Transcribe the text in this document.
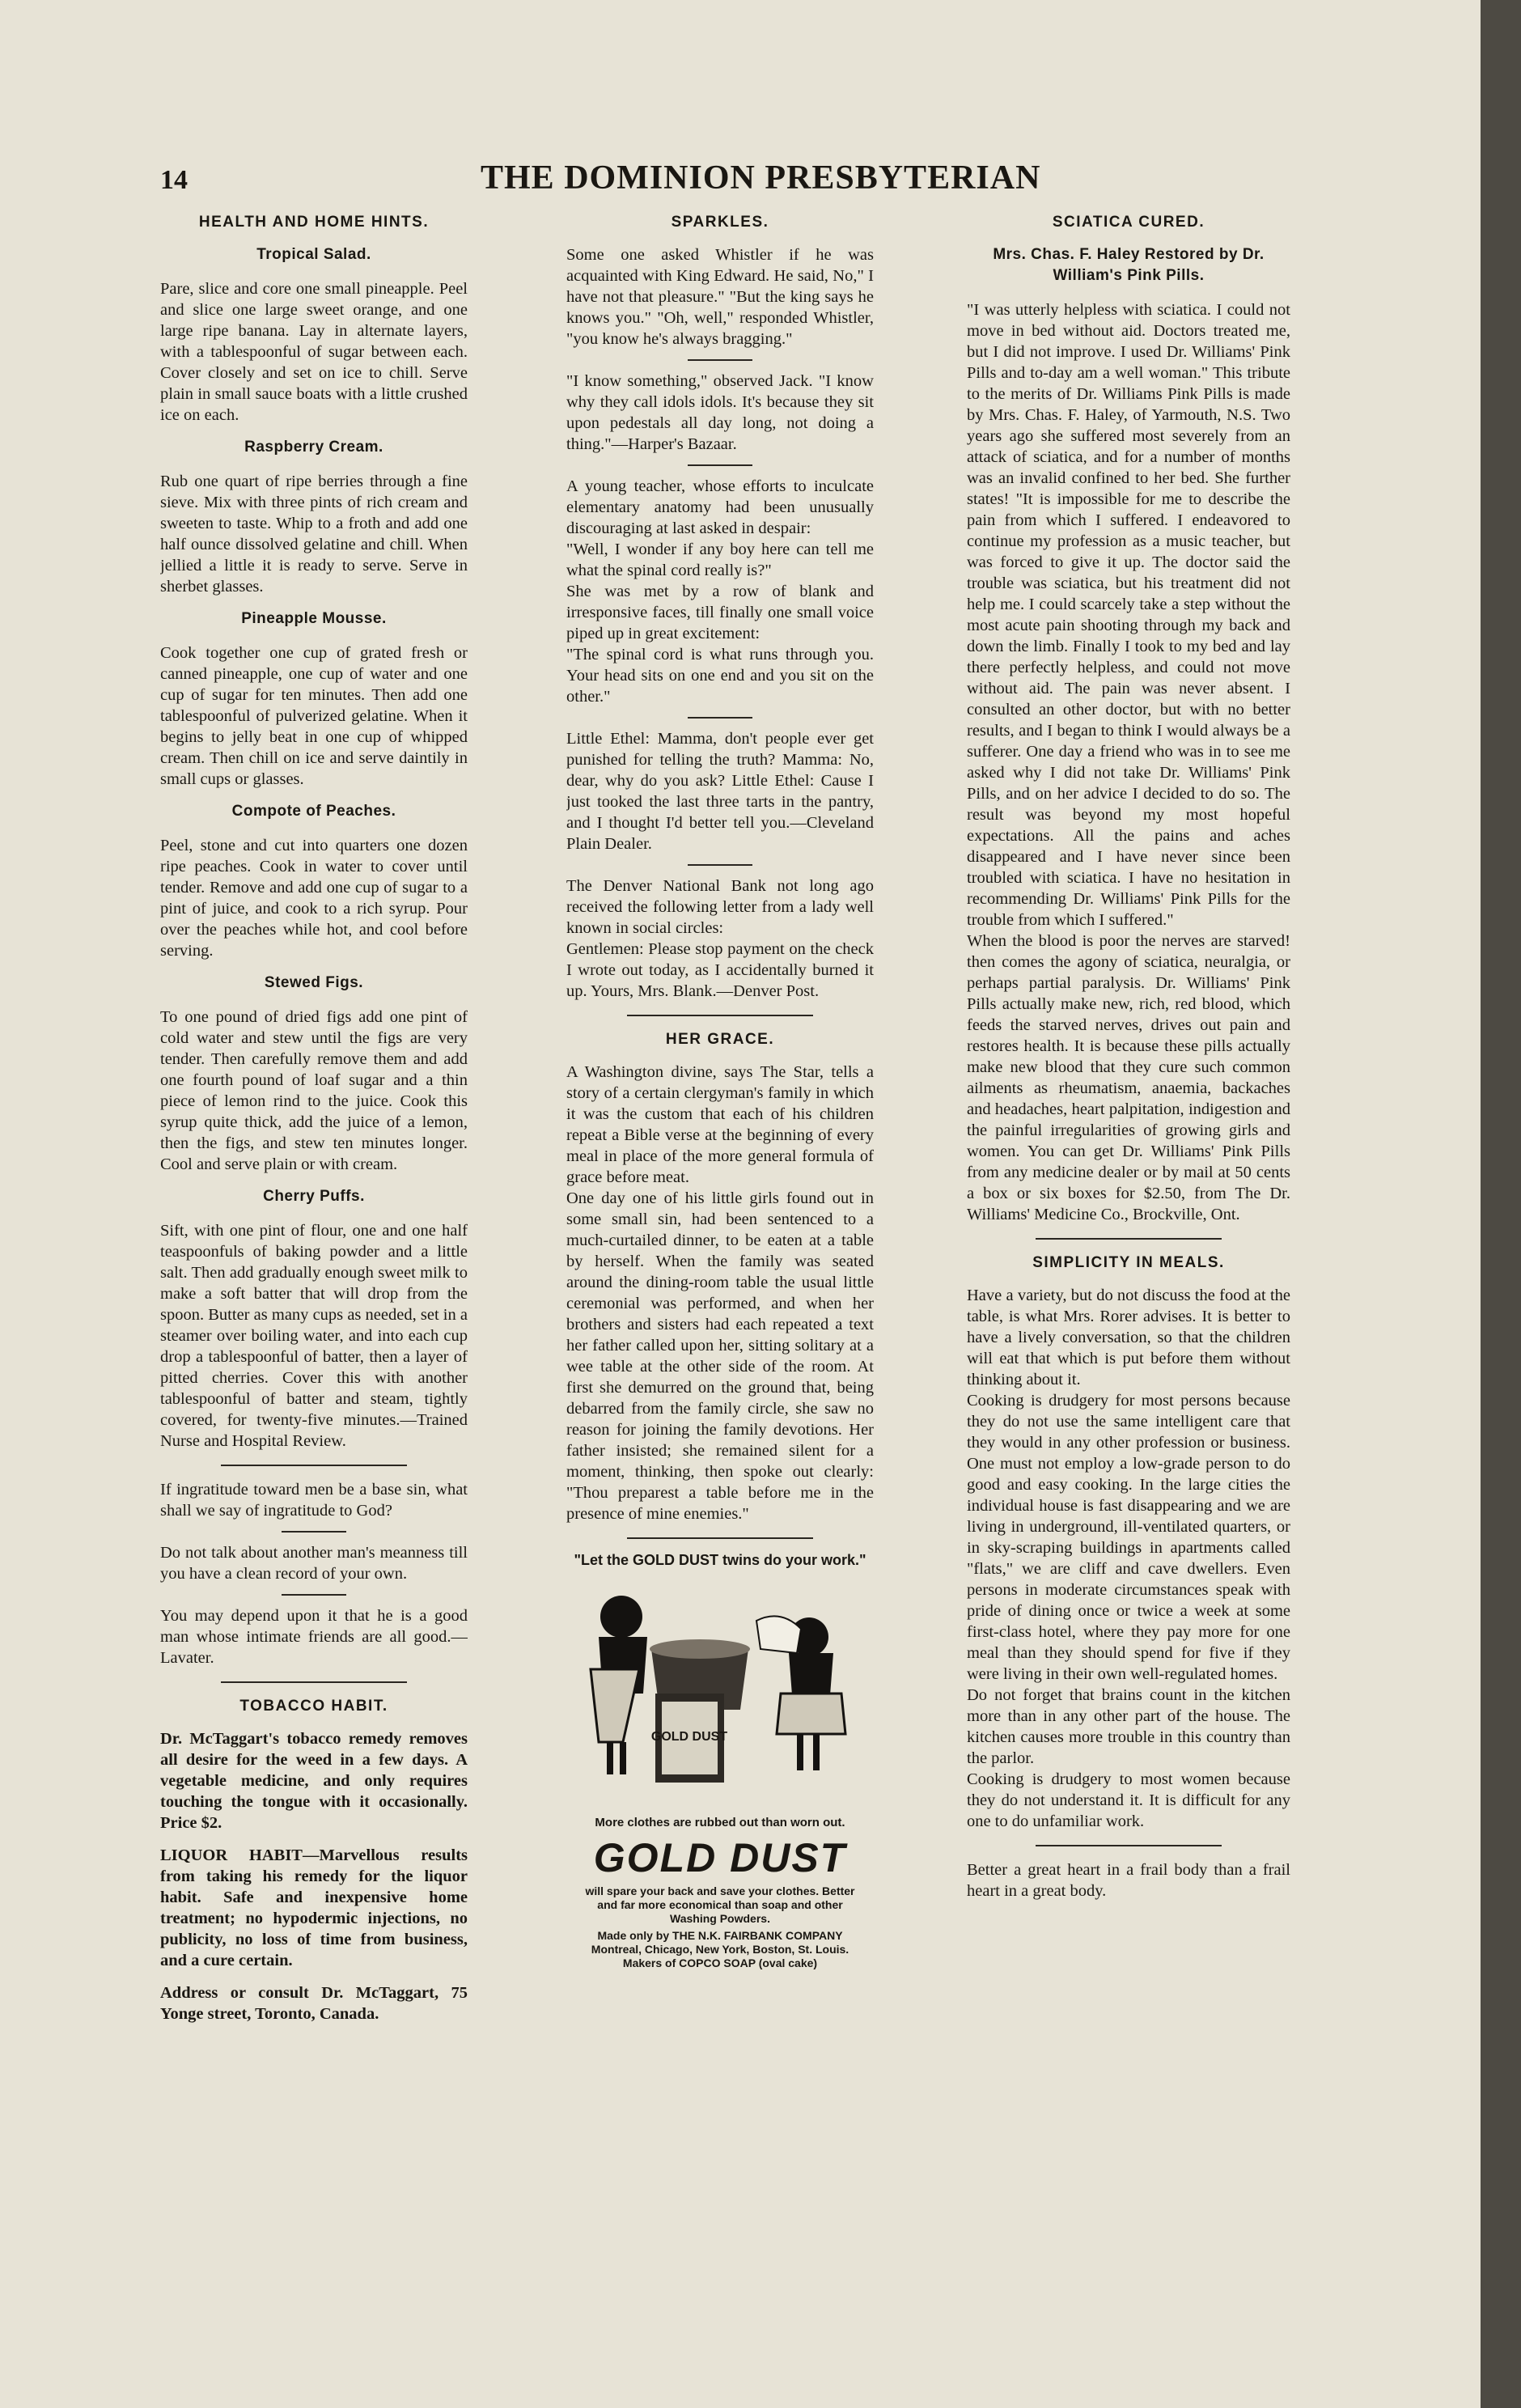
14	THE DOMINION PRESBYTERIAN
HEALTH AND HOME HINTS.
Tropical Salad.

Pare, slice and core one small pineapple. Peel and slice one large sweet orange, and one large ripe banana. Lay in alternate layers, with a tablespoonful of sugar between each. Cover closely and set on ice to chill. Serve plain in small sauce boats with a little crushed ice on each.

Raspberry Cream.

Rub one quart of ripe berries through a fine sieve. Mix with three pints of rich cream and sweeten to taste. Whip to a froth and add one half ounce dissolved gelatine and chill. When jellied a little it is ready to serve. Serve in sherbet glasses.

Pineapple Mousse.

Cook together one cup of grated fresh or canned pineapple, one cup of water and one cup of sugar for ten minutes. Then add one tablespoonful of pulverized gelatine. When it begins to jelly beat in one cup of whipped cream. Then chill on ice and serve daintily in small cups or glasses.

Compote of Peaches.

Peel, stone and cut into quarters one dozen ripe peaches. Cook in water to cover until tender. Remove and add one cup of sugar to a pint of juice, and cook to a rich syrup. Pour over the peaches while hot, and cool before serving.

Stewed Figs.

To one pound of dried figs add one pint of cold water and stew until the figs are very tender. Then carefully remove them and add one fourth pound of loaf sugar and a thin piece of lemon rind to the juice. Cook this syrup quite thick, add the juice of a lemon, then the figs, and stew ten minutes longer. Cool and serve plain or with cream.

Cherry Puffs.

Sift, with one pint of flour, one and one half teaspoonfuls of baking powder and a little salt. Then add gradually enough sweet milk to make a soft batter that will drop from the spoon. Butter as many cups as needed, set in a steamer over boiling water, and into each cup drop a tablespoonful of batter, then a layer of pitted cherries. Cover this with another tablespoonful of batter and steam, tightly covered, for twenty-five minutes.—Trained Nurse and Hospital Review.

If ingratitude toward men be a base sin, what shall we say of ingratitude to God?

Do not talk about another man's meanness till you have a clean record of your own.

You may depend upon it that he is a good man whose intimate friends are all good.—Lavater.

TOBACCO HABIT.

Dr. McTaggart's tobacco remedy removes all desire for the weed in a few days. A vegetable medicine, and only requires touching the tongue with it occasionally. Price $2.

LIQUOR HABIT—Marvellous results from taking his remedy for the liquor habit. Safe and inexpensive home treatment; no hypodermic injections, no publicity, no loss of time from business, and a cure certain.

Address or consult Dr. McTaggart, 75 Yonge street, Toronto, Canada.

SPARKLES.

Some one asked Whistler if he was acquainted with King Edward. He said, No," I have not that pleasure." "But the king says he knows you." "Oh, well," responded Whistler, "you know he's always bragging."

"I know something," observed Jack. "I know why they call idols idols. It's because they sit upon pedestals all day long, not doing a thing."—Harper's Bazaar.

A young teacher, whose efforts to inculcate elementary anatomy had been unusually discouraging at last asked in despair:
"Well, I wonder if any boy here can tell me what the spinal cord really is?"
She was met by a row of blank and irresponsive faces, till finally one small voice piped up in great excitement:
"The spinal cord is what runs through you. Your head sits on one end and you sit on the other."

Little Ethel: Mamma, don't people ever get punished for telling the truth? Mamma: No, dear, why do you ask? Little Ethel: Cause I just tooked the last three tarts in the pantry, and I thought I'd better tell you.—Cleveland Plain Dealer.

The Denver National Bank not long ago received the following letter from a lady well known in social circles:
Gentlemen: Please stop payment on the check I wrote out today, as I accidentally burned it up. Yours, Mrs. Blank.—Denver Post.

HER GRACE.

A Washington divine, says The Star, tells a story of a certain clergyman's family in which it was the custom that each of his children repeat a Bible verse at the beginning of every meal in place of the more general formula of grace before meat.
One day one of his little girls found out in some small sin, had been sentenced to a much-curtailed dinner, to be eaten at a table by herself. When the family was seated around the dining-room table the usual little ceremonial was performed, and when her brothers and sisters had each repeated a text her father called upon her, sitting solitary at a wee table at the other side of the room. At first she demurred on the ground that, being debarred from the family circle, she saw no reason for joining the family devotions. Her father insisted; she remained silent for a moment, thinking, then spoke out clearly: "Thou preparest a table before me in the presence of mine enemies."

"Let the GOLD DUST twins do your work."

GOLD DUST

More clothes are rubbed out than worn out.

GOLD DUST

will spare your back and save your clothes. Better and far more economical than soap and other Washing Powders.

Made only by THE N.K. FAIRBANK COMPANY Montreal, Chicago, New York, Boston, St. Louis. Makers of COPCO SOAP (oval cake)

SCIATICA CURED.
Mrs. Chas. F. Haley Restored by Dr. William's Pink Pills.

"I was utterly helpless with sciatica. I could not move in bed without aid. Doctors treated me, but I did not improve. I used Dr. Williams' Pink Pills and to-day am a well woman." This tribute to the merits of Dr. Williams Pink Pills is made by Mrs. Chas. F. Haley, of Yarmouth, N.S. Two years ago she suffered most severely from an attack of sciatica, and for a number of months was an invalid confined to her bed. She further states! "It is impossible for me to describe the pain from which I suffered. I endeavored to continue my profession as a music teacher, but was forced to give it up. The doctor said the trouble was sciatica, but his treatment did not help me. I could scarcely take a step without the most acute pain shooting through my back and down the limb. Finally I took to my bed and lay there perfectly helpless, and could not move without aid. The pain was never absent. I consulted an other doctor, but with no better results, and I began to think I would always be a sufferer. One day a friend who was in to see me asked why I did not take Dr. Williams' Pink Pills, and on her advice I decided to do so. The result was beyond my most hopeful expectations. All the pains and aches disappeared and I have never since been troubled with sciatica. I have no hesitation in recommending Dr. Williams' Pink Pills for the trouble from which I suffered."
When the blood is poor the nerves are starved! then comes the agony of sciatica, neuralgia, or perhaps partial paralysis. Dr. Williams' Pink Pills actually make new, rich, red blood, which feeds the starved nerves, drives out pain and restores health. It is because these pills actually make new blood that they cure such common ailments as rheumatism, anaemia, backaches and headaches, heart palpitation, indigestion and the painful irregularities of growing girls and women. You can get Dr. Williams' Pink Pills from any medicine dealer or by mail at 50 cents a box or six boxes for $2.50, from The Dr. Williams' Medicine Co., Brockville, Ont.

SIMPLICITY IN MEALS.

Have a variety, but do not discuss the food at the table, is what Mrs. Rorer advises. It is better to have a lively conversation, so that the children will eat that which is put before them without thinking about it.
Cooking is drudgery for most persons because they do not use the same intelligent care that they would in any other profession or business. One must not employ a low-grade person to do good and easy cooking. In the large cities the individual house is fast disappearing and we are living in underground, ill-ventilated quarters, or in sky-scraping buildings in apartments called "flats," we are cliff and cave dwellers. Even persons in moderate circumstances speak with pride of dining once or twice a week at some first-class hotel, where they pay more for one meal than they should spend for five if they were living in their own well-regulated homes.
Do not forget that brains count in the kitchen more than in any other part of the house. The kitchen causes more trouble in this country than the parlor.
Cooking is drudgery to most women because they do not understand it. It is difficult for any one to do unfamiliar work.

Better a great heart in a frail body than a frail heart in a great body.
